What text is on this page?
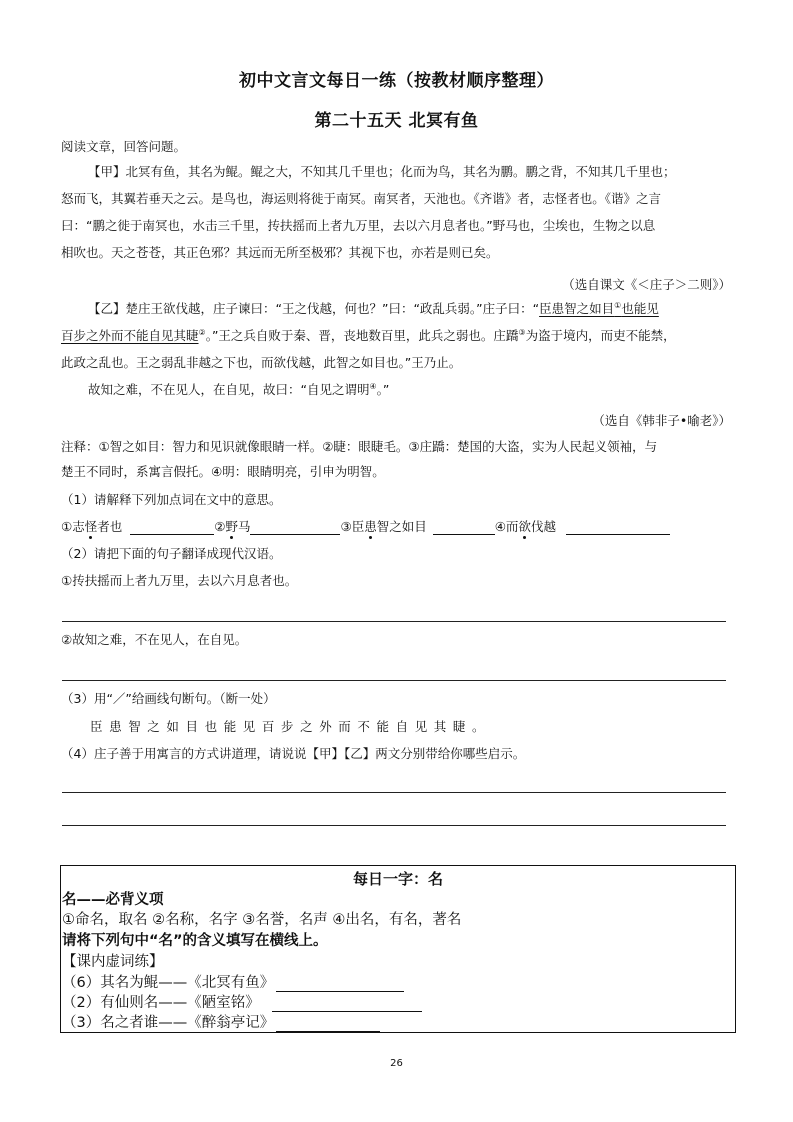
初中文言文每日一练（按教材顺序整理）
第二十五天 北冥有鱼
阅读文章，回答问题。
【甲】北冥有鱼，其名为鲲。鲲之大，不知其几千里也；化而为鸟，其名为鹏。鹏之背，不知其几千里也；
怒而飞，其翼若垂天之云。是鸟也，海运则将徙于南冥。南冥者，天池也。《齐谐》者，志怪者也。《谐》之言
曰：“鹏之徙于南冥也，水击三千里，抟扶摇而上者九万里，去以六月息者也。”野马也，尘埃也，生物之以息
相吹也。天之苍苍，其正色邪？其远而无所至极邪？其视下也，亦若是则已矣。
（选自课文《＜庄子＞二则》）
【乙】楚庄王欲伐越，庄子谏曰：“王之伐越，何也？”曰：“政乱兵弱。”庄子曰：“臣患智之如目①也能见
百步之外而不能自见其睫②。”王之兵自败于秦、晋，丧地数百里，此兵之弱也。庄蹻③为盗于境内，而吏不能禁，
此政之乱也。王之弱乱非越之下也，而欲伐越，此智之如目也。”王乃止。
故知之难，不在见人，在自见，故曰：“自见之谓明④。”
（选自《韩非子•喻老》）
注释：①智之如目：智力和见识就像眼睛一样。②睫：眼睫毛。③庄蹻：楚国的大盗，实为人民起义领袖，与
楚王不同时，系寓言假托。④明：眼睛明亮，引申为明智。
（1）请解释下列加点词在文中的意思。
①志怪者也	②野马	③臣患智之如目	④而欲伐越
（2）请把下面的句子翻译成现代汉语。
①抟扶摇而上者九万里，去以六月息者也。
②故知之难，不在见人，在自见。
（3）用“／”给画线句断句。（断一处）
臣患智之如目也能见百步之外而不能自见其睫。
（4）庄子善于用寓言的方式讲道理，请说说【甲】【乙】两文分别带给你哪些启示。
每日一字：名
名——必背义项
①命名，取名 ②名称，名字 ③名誉，名声 ④出名，有名，著名
请将下列句中“名”的含义填写在横线上。
【课内虚词练】
（6）其名为鲲——《北冥有鱼》
（2）有仙则名——《陋室铭》
（3）名之者谁——《醉翁亭记》
26
